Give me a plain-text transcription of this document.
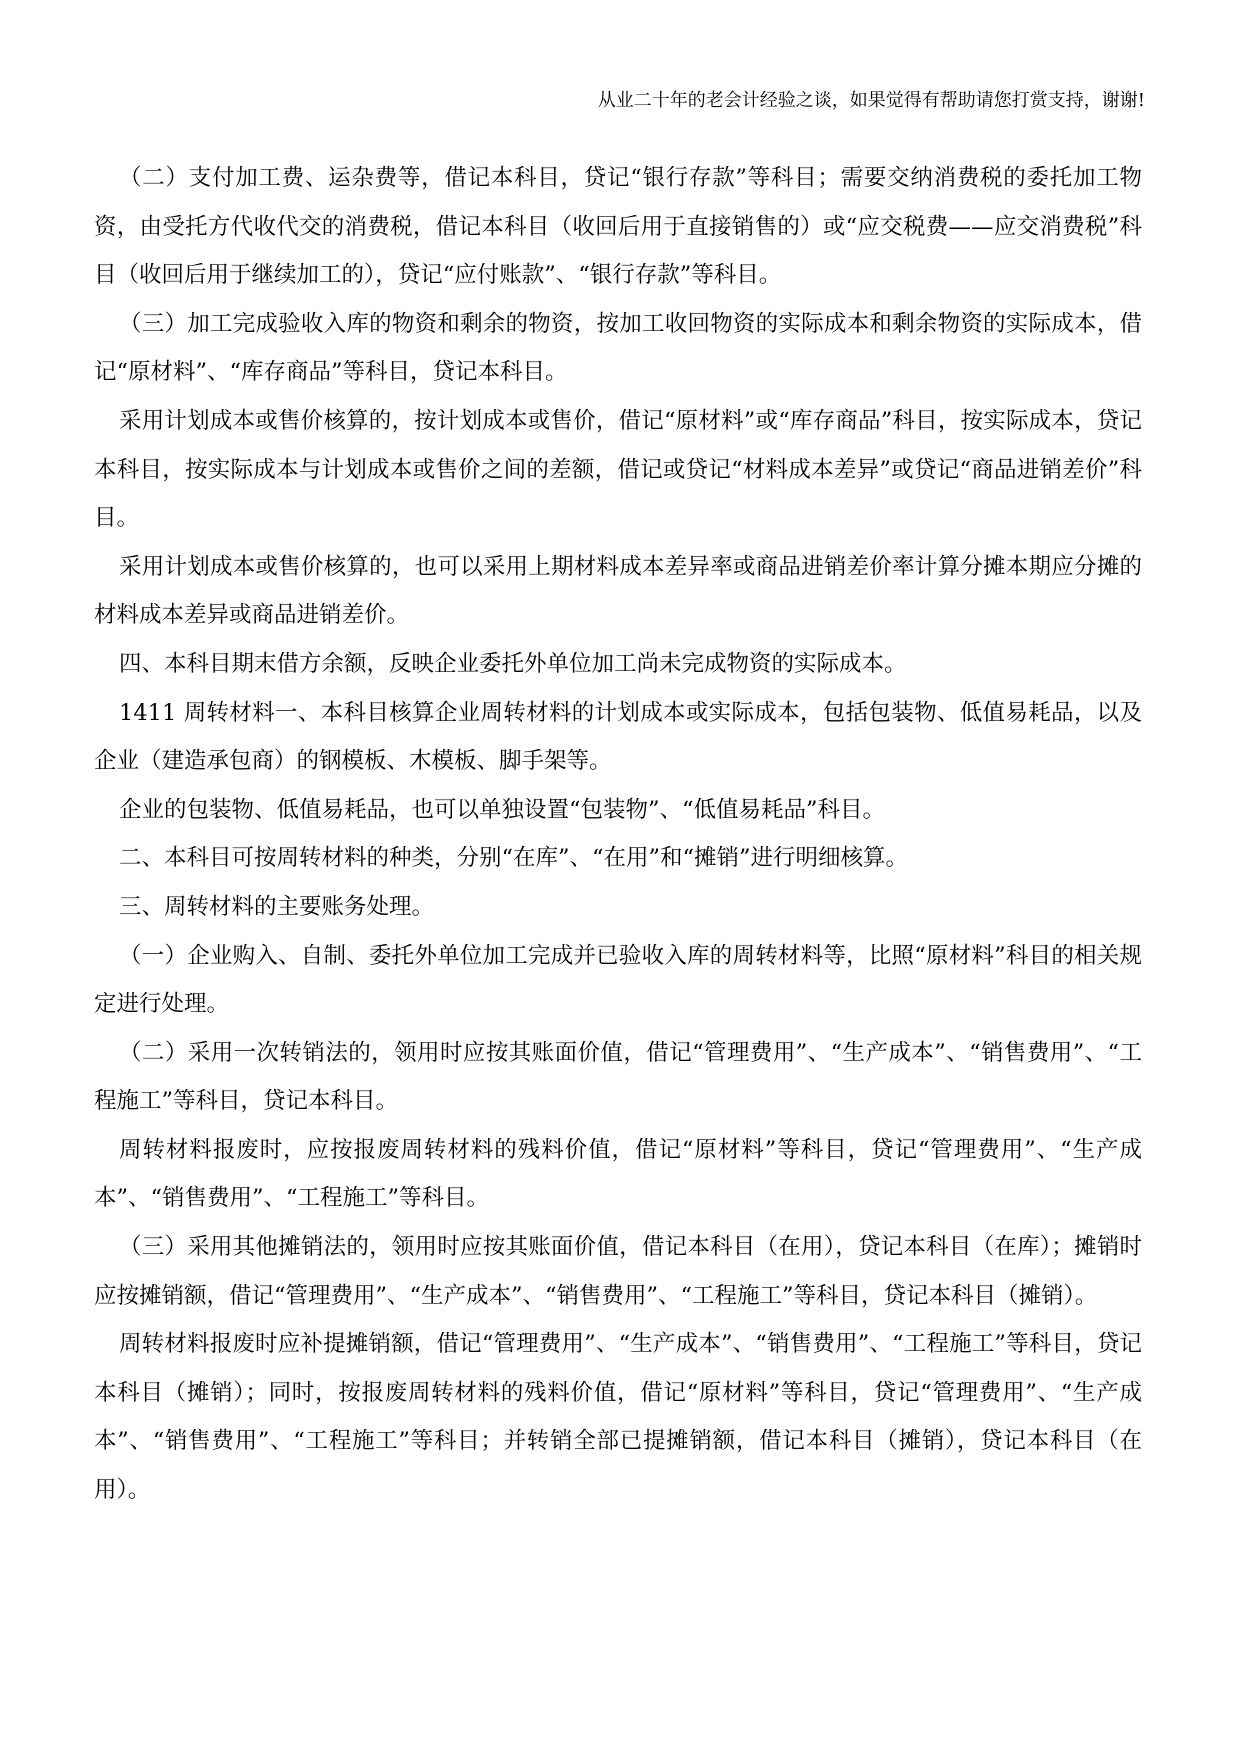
从业二十年的老会计经验之谈，如果觉得有帮助请您打赏支持，谢谢!

（二）支付加工费、运杂费等，借记本科目，贷记“银行存款”等科目；需要交纳消费税的委托加工物资，由受托方代收代交的消费税，借记本科目（收回后用于直接销售的）或“应交税费——应交消费税”科目（收回后用于继续加工的），贷记“应付账款”、“银行存款”等科目。

（三）加工完成验收入库的物资和剩余的物资，按加工收回物资的实际成本和剩余物资的实际成本，借记“原材料”、“库存商品”等科目，贷记本科目。

采用计划成本或售价核算的，按计划成本或售价，借记“原材料”或“库存商品”科目，按实际成本，贷记本科目，按实际成本与计划成本或售价之间的差额，借记或贷记“材料成本差异”或贷记“商品进销差价”科目。

采用计划成本或售价核算的，也可以采用上期材料成本差异率或商品进销差价率计算分摊本期应分摊的材料成本差异或商品进销差价。

四、本科目期末借方余额，反映企业委托外单位加工尚未完成物资的实际成本。

1411 周转材料一、本科目核算企业周转材料的计划成本或实际成本，包括包装物、低值易耗品，以及企业（建造承包商）的钢模板、木模板、脚手架等。

企业的包装物、低值易耗品，也可以单独设置“包装物”、“低值易耗品”科目。

二、本科目可按周转材料的种类，分别“在库”、“在用”和“摊销”进行明细核算。

三、周转材料的主要账务处理。

（一）企业购入、自制、委托外单位加工完成并已验收入库的周转材料等，比照“原材料”科目的相关规定进行处理。

（二）采用一次转销法的，领用时应按其账面价值，借记“管理费用”、“生产成本”、“销售费用”、“工程施工”等科目，贷记本科目。

周转材料报废时，应按报废周转材料的残料价值，借记“原材料”等科目，贷记“管理费用”、“生产成本”、“销售费用”、“工程施工”等科目。

（三）采用其他摊销法的，领用时应按其账面价值，借记本科目（在用），贷记本科目（在库）；摊销时应按摊销额，借记“管理费用”、“生产成本”、“销售费用”、“工程施工”等科目，贷记本科目（摊销）。

周转材料报废时应补提摊销额，借记“管理费用”、“生产成本”、“销售费用”、“工程施工”等科目，贷记本科目（摊销）；同时，按报废周转材料的残料价值，借记“原材料”等科目，贷记“管理费用”、“生产成本”、“销售费用”、“工程施工”等科目；并转销全部已提摊销额，借记本科目（摊销），贷记本科目（在用）。
